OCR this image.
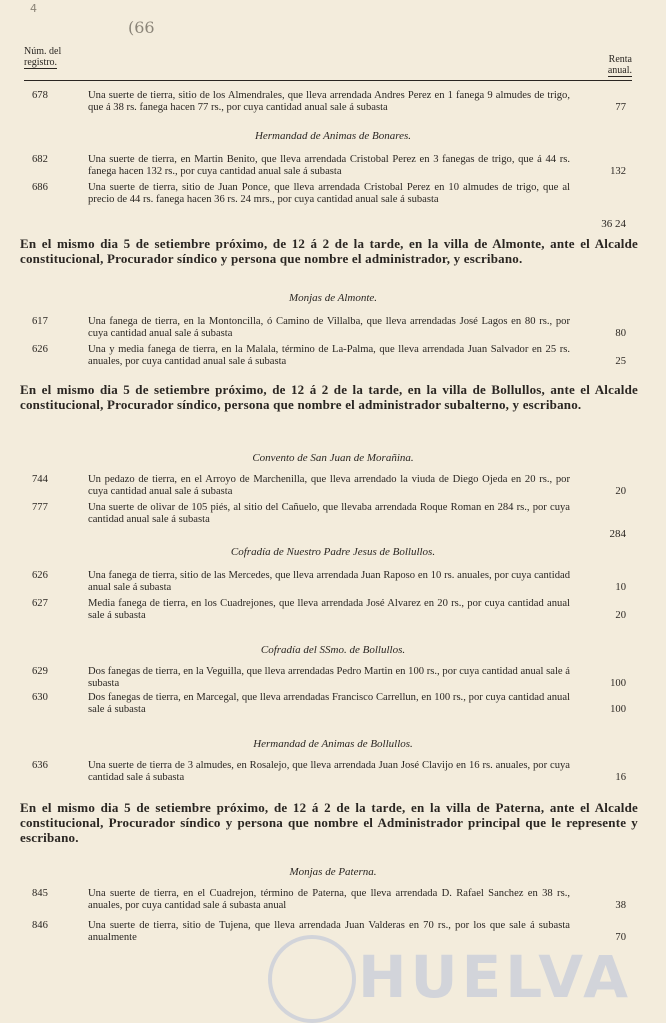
4
(66
Núm. del
registro.	Renta
anual.
678	Una suerte de tierra, sitio de los Almendrales, que lleva arrendada Andres Perez en 1 fanega 9 almudes de trigo, que á 38 rs. fanega hacen 77 rs., por cuya cantidad anual sale á subasta	77
Hermandad de Animas de Bonares.
682	Una suerte de tierra, en Martin Benito, que lleva arrendada Cristobal Perez en 3 fanegas de trigo, que á 44 rs. fanega hacen 132 rs., por cuya cantidad anual sale á subasta	132
686	Una suerte de tierra, sitio de Juan Ponce, que lleva arrendada Cristobal Perez en 10 almudes de trigo, que al precio de 44 rs. fanega hacen 36 rs. 24 mrs., por cuya cantidad anual sale á subasta
36 24
En el mismo dia 5 de setiembre próximo, de 12 á 2 de la tarde, en la villa de Almonte, ante el Alcalde constitucional, Procurador síndico y persona que nombre el administrador, y escribano.
Monjas de Almonte.
617	Una fanega de tierra, en la Montoncilla, ó Camino de Villalba, que lleva arrendadas José Lagos en 80 rs., por cuya cantidad anual sale á subasta	80
626	Una y media fanega de tierra, en la Malala, término de La-Palma, que lleva arrendada Juan Salvador en 25 rs. anuales, por cuya cantidad anual sale á subasta	25
En el mismo dia 5 de setiembre próximo, de 12 á 2 de la tarde, en la villa de Bollullos, ante el Alcalde constitucional, Procurador síndico, persona que nombre el administrador subalterno, y escribano.
Convento de San Juan de Morañina.
744	Un pedazo de tierra, en el Arroyo de Marchenilla, que lleva arrendado la viuda de Diego Ojeda en 20 rs., por cuya cantidad anual sale á subasta	20
777	Una suerte de olivar de 105 piés, al sitio del Cañuelo, que llevaba arrendada Roque Roman en 284 rs., por cuya cantidad anual sale á subasta
284
Cofradía de Nuestro Padre Jesus de Bollullos.
626	Una fanega de tierra, sitio de las Mercedes, que lleva arrendada Juan Raposo en 10 rs. anuales, por cuya cantidad anual sale á subasta	10
627	Media fanega de tierra, en los Cuadrejones, que lleva arrendada José Alvarez en 20 rs., por cuya cantidad anual sale á subasta	20
Cofradía del SSmo. de Bollullos.
629	Dos fanegas de tierra, en la Veguilla, que lleva arrendadas Pedro Martin en 100 rs., por cuya cantidad anual sale á subasta	100
630	Dos fanegas de tierra, en Marcegal, que lleva arrendadas Francisco Carrellun, en 100 rs., por cuya cantidad anual sale á subasta	100
Hermandad de Animas de Bollullos.
636	Una suerte de tierra de 3 almudes, en Rosalejo, que lleva arrendada Juan José Clavijo en 16 rs. anuales, por cuya cantidad sale á subasta	16
En el mismo dia 5 de setiembre próximo, de 12 á 2 de la tarde, en la villa de Paterna, ante el Alcalde constitucional, Procurador síndico y persona que nombre el Administrador principal que le represente y escribano.
Monjas de Paterna.
845	Una suerte de tierra, en el Cuadrejon, término de Paterna, que lleva arrendada D. Rafael Sanchez en 38 rs., anuales, por cuya cantidad sale á subasta anual	38
846	Una suerte de tierra, sitio de Tujena, que lleva arrendada Juan Valderas en 70 rs., por los que sale á subasta anualmente	70
HUELVA
